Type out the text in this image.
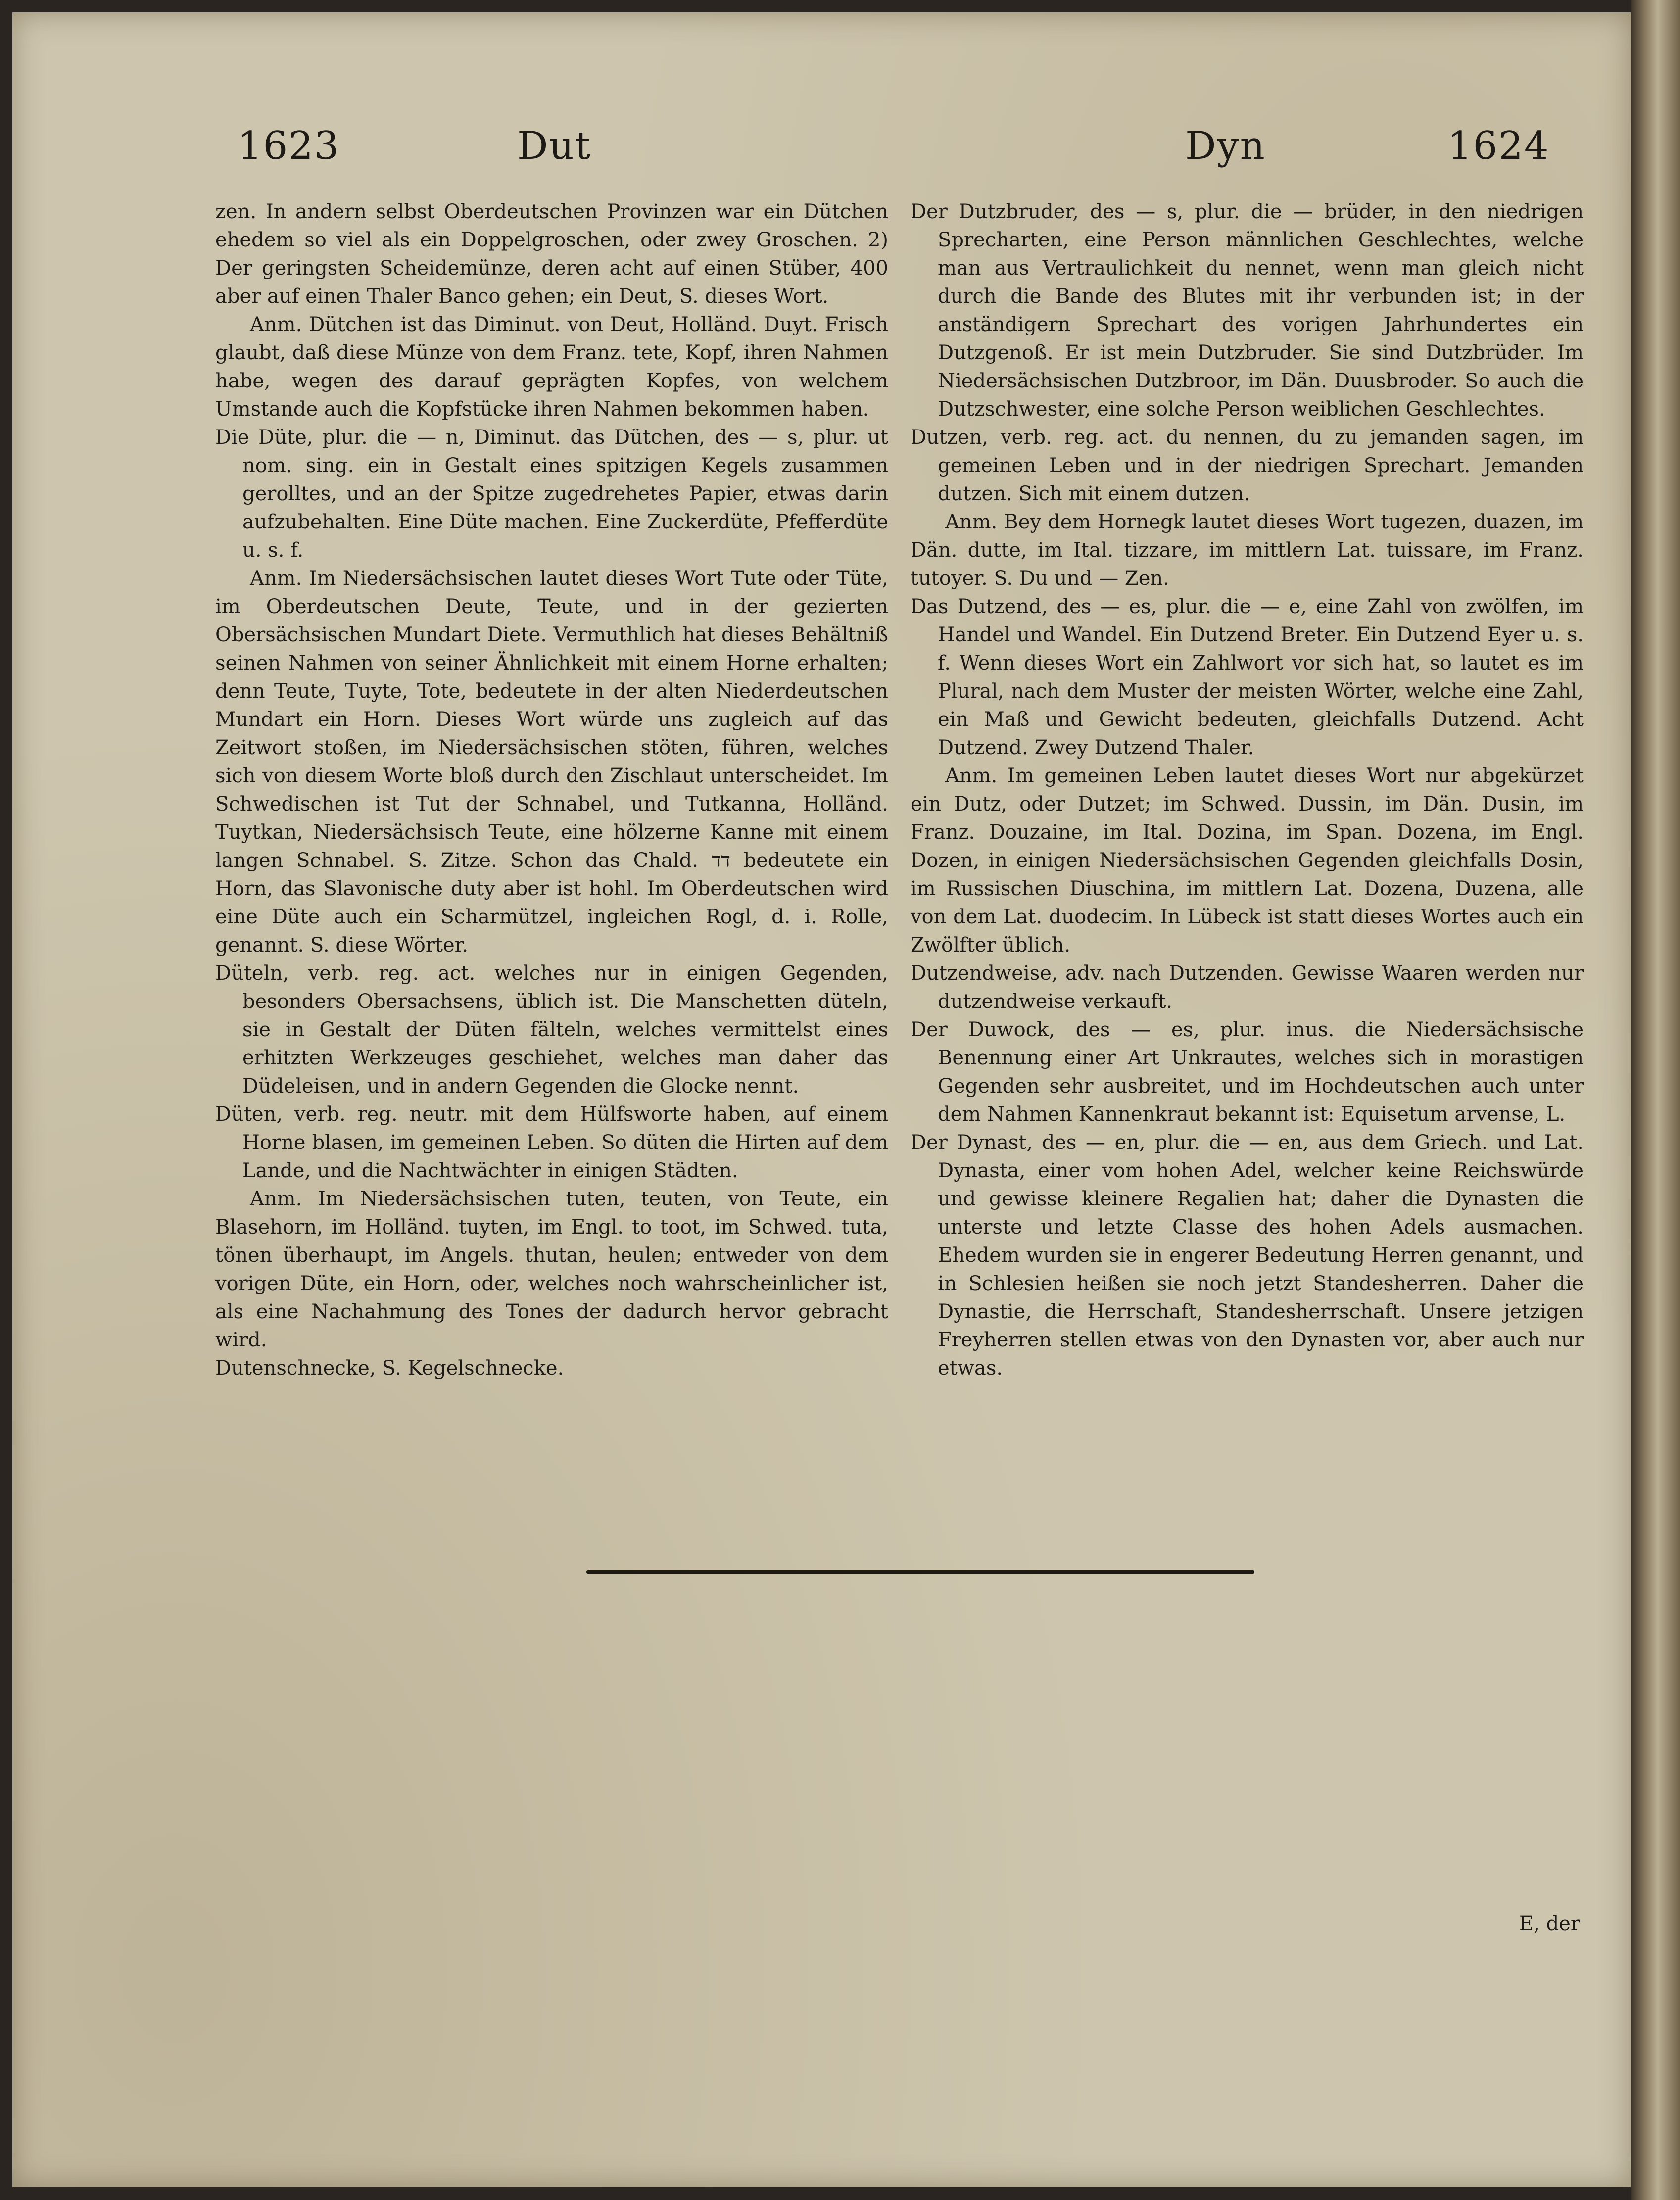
1623	Dut	Dyn	1624

zen. In andern selbst Oberdeutschen Provinzen war ein Dütchen ehedem so viel als ein Doppelgroschen, oder zwey Groschen. 2) Der geringsten Scheidemünze, deren acht auf einen Stüber, 400 aber auf einen Thaler Banco gehen; ein Deut, S. dieses Wort.

Anm. Dütchen ist das Diminut. von Deut, Holländ. Duyt. Frisch glaubt, daß diese Münze von dem Franz. tete, Kopf, ihren Nahmen habe, wegen des darauf geprägten Kopfes, von welchem Umstande auch die Kopfstücke ihren Nahmen bekommen haben.

Die Düte, plur. die — n, Diminut. das Dütchen, des — s, plur. ut nom. sing. ein in Gestalt eines spitzigen Kegels zusammen gerolltes, und an der Spitze zugedrehetes Papier, etwas darin aufzubehalten. Eine Düte machen. Eine Zuckerdüte, Pfefferdüte u. s. f.

Anm. Im Niedersächsischen lautet dieses Wort Tute oder Tüte, im Oberdeutschen Deute, Teute, und in der gezierten Obersächsischen Mundart Diete. Vermuthlich hat dieses Behältniß seinen Nahmen von seiner Ähnlichkeit mit einem Horne erhalten; denn Teute, Tuyte, Tote, bedeutete in der alten Niederdeutschen Mundart ein Horn. Dieses Wort würde uns zugleich auf das Zeitwort stoßen, im Niedersächsischen stöten, führen, welches sich von diesem Worte bloß durch den Zischlaut unterscheidet. Im Schwedischen ist Tut der Schnabel, und Tutkanna, Holländ. Tuytkan, Niedersächsisch Teute, eine hölzerne Kanne mit einem langen Schnabel. S. Zitze. Schon das Chald. דד bedeutete ein Horn, das Slavonische duty aber ist hohl. Im Oberdeutschen wird eine Düte auch ein Scharmützel, ingleichen Rogl, d. i. Rolle, genannt. S. diese Wörter.

Düteln, verb. reg. act. welches nur in einigen Gegenden, besonders Obersachsens, üblich ist. Die Manschetten düteln, sie in Gestalt der Düten fälteln, welches vermittelst eines erhitzten Werkzeuges geschiehet, welches man daher das Düdeleisen, und in andern Gegenden die Glocke nennt.

Düten, verb. reg. neutr. mit dem Hülfsworte haben, auf einem Horne blasen, im gemeinen Leben. So düten die Hirten auf dem Lande, und die Nachtwächter in einigen Städten.

Anm. Im Niedersächsischen tuten, teuten, von Teute, ein Blasehorn, im Holländ. tuyten, im Engl. to toot, im Schwed. tuta, tönen überhaupt, im Angels. thutan, heulen; entweder von dem vorigen Düte, ein Horn, oder, welches noch wahrscheinlicher ist, als eine Nachahmung des Tones der dadurch hervor gebracht wird.

Dutenschnecke, S. Kegelschnecke.

Der Dutzbruder, des — s, plur. die — brüder, in den niedrigen Sprecharten, eine Person männlichen Geschlechtes, welche man aus Vertraulichkeit du nennet, wenn man gleich nicht durch die Bande des Blutes mit ihr verbunden ist; in der anständigern Sprechart des vorigen Jahrhundertes ein Dutzgenoß. Er ist mein Dutzbruder. Sie sind Dutzbrüder. Im Niedersächsischen Dutzbroor, im Dän. Duusbroder. So auch die Dutzschwester, eine solche Person weiblichen Geschlechtes.

Dutzen, verb. reg. act. du nennen, du zu jemanden sagen, im gemeinen Leben und in der niedrigen Sprechart. Jemanden dutzen. Sich mit einem dutzen.

Anm. Bey dem Hornegk lautet dieses Wort tugezen, duazen, im Dän. dutte, im Ital. tizzare, im mittlern Lat. tuissare, im Franz. tutoyer. S. Du und — Zen.

Das Dutzend, des — es, plur. die — e, eine Zahl von zwölfen, im Handel und Wandel. Ein Dutzend Breter. Ein Dutzend Eyer u. s. f. Wenn dieses Wort ein Zahlwort vor sich hat, so lautet es im Plural, nach dem Muster der meisten Wörter, welche eine Zahl, ein Maß und Gewicht bedeuten, gleichfalls Dutzend. Acht Dutzend. Zwey Dutzend Thaler.

Anm. Im gemeinen Leben lautet dieses Wort nur abgekürzet ein Dutz, oder Dutzet; im Schwed. Dussin, im Dän. Dusin, im Franz. Douzaine, im Ital. Dozina, im Span. Dozena, im Engl. Dozen, in einigen Niedersächsischen Gegenden gleichfalls Dosin, im Russischen Diuschina, im mittlern Lat. Dozena, Duzena, alle von dem Lat. duodecim. In Lübeck ist statt dieses Wortes auch ein Zwölfter üblich.

Dutzendweise, adv. nach Dutzenden. Gewisse Waaren werden nur dutzendweise verkauft.

Der Duwock, des — es, plur. inus. die Niedersächsische Benennung einer Art Unkrautes, welches sich in morastigen Gegenden sehr ausbreitet, und im Hochdeutschen auch unter dem Nahmen Kannenkraut bekannt ist: Equisetum arvense, L.

Der Dynast, des — en, plur. die — en, aus dem Griech. und Lat. Dynasta, einer vom hohen Adel, welcher keine Reichswürde und gewisse kleinere Regalien hat; daher die Dynasten die unterste und letzte Classe des hohen Adels ausmachen. Ehedem wurden sie in engerer Bedeutung Herren genannt, und in Schlesien heißen sie noch jetzt Standesherren. Daher die Dynastie, die Herrschaft, Standesherrschaft. Unsere jetzigen Freyherren stellen etwas von den Dynasten vor, aber auch nur etwas.

E, der
